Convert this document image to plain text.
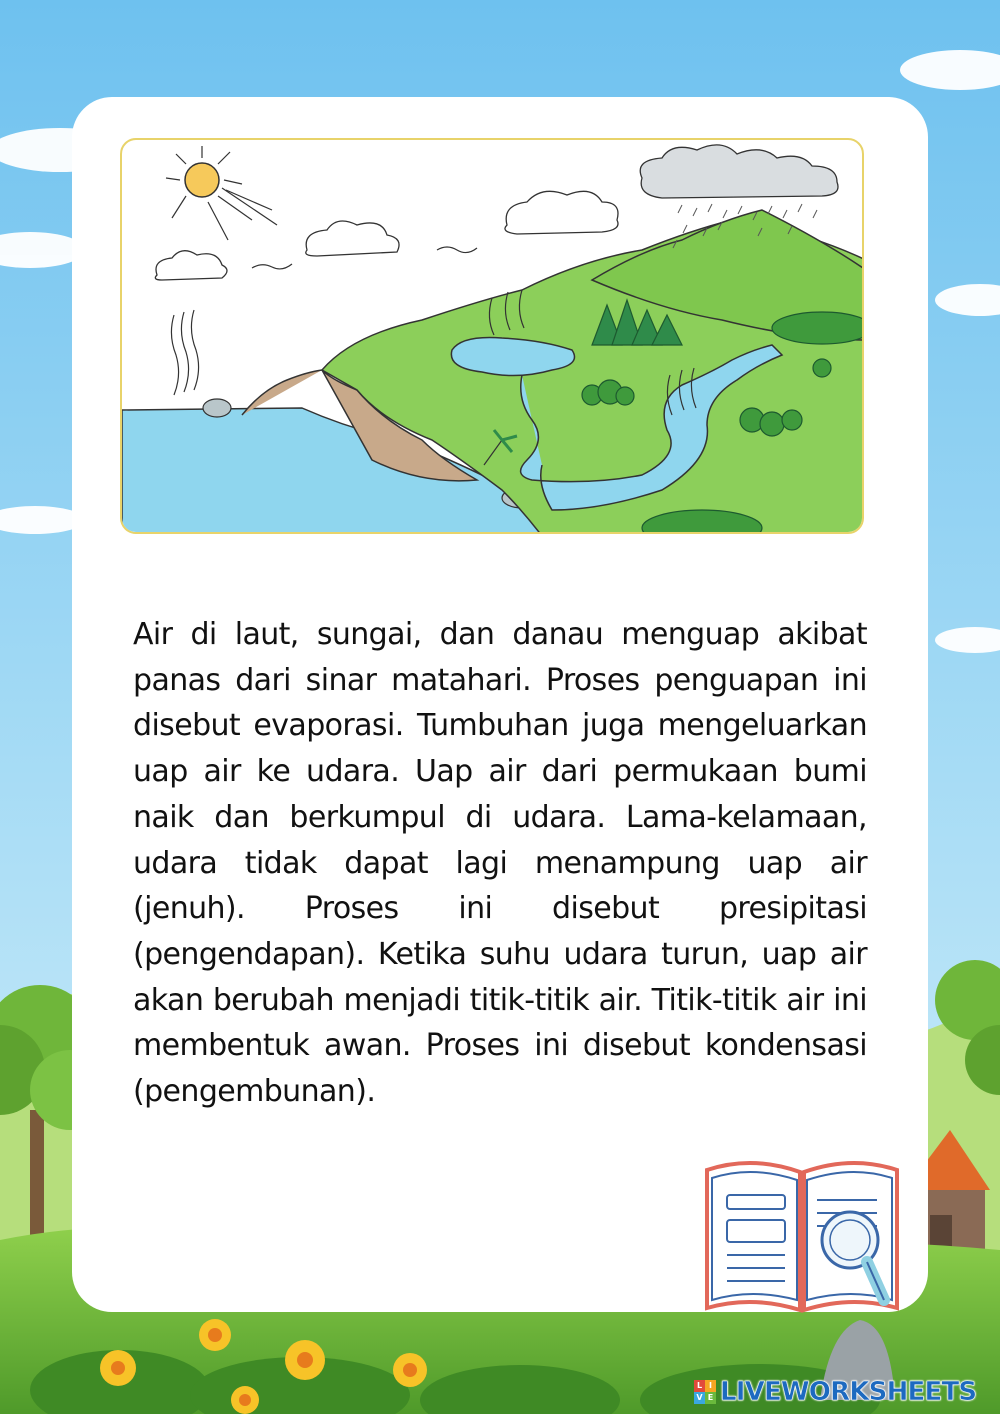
Air di laut, sungai, dan danau menguap akibat panas dari sinar matahari. Proses penguapan ini disebut evaporasi. Tumbuhan juga mengeluarkan uap air ke udara. Uap air dari permukaan bumi naik dan berkumpul di udara. Lama-kelamaan, udara tidak dapat lagi menampung uap air (jenuh). Proses ini disebut presipitasi (pengendapan). Ketika suhu udara turun, uap air akan berubah menjadi titik-titik air. Titik-titik air ini membentuk awan. Proses ini disebut kondensasi (pengembunan).

L I
V E LIVEWORKSHEETS
